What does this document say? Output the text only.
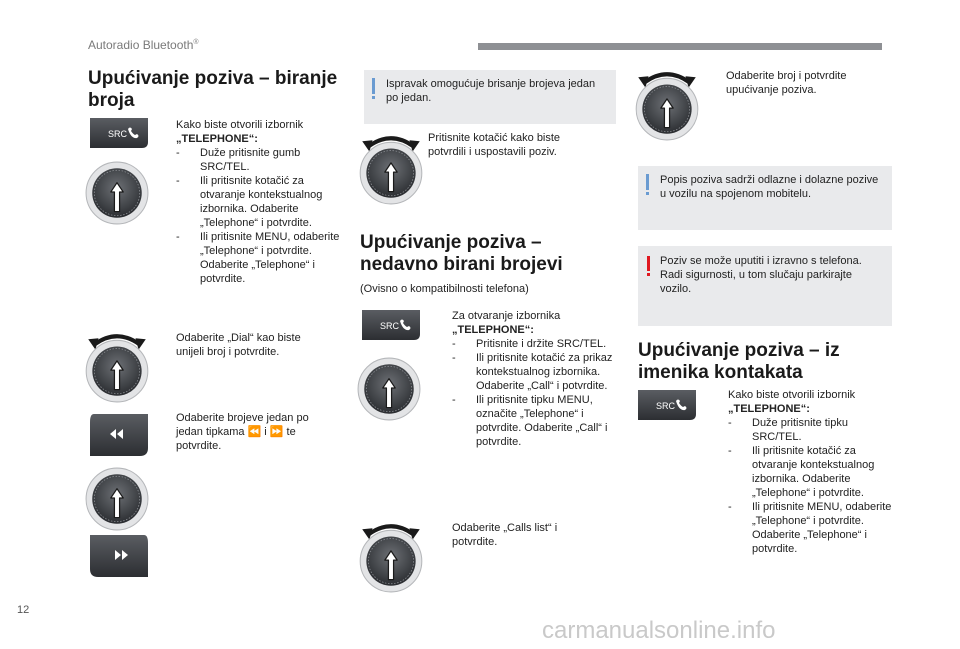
Autoradio Bluetooth®
Upućivanje poziva – biranje
broja
SRC
Kako biste otvorili izbornik
„TELEPHONE“:
- Duže pritisnite gumb SRC/TEL.
- Ili pritisnite kotačić za otvaranje kontekstualnog izbornika. Odaberite „Telephone“ i potvrdite.
- Ili pritisnite MENU, odaberite „Telephone“ i potvrdite. Odaberite „Telephone“ i potvrdite.
Odaberite „Dial“ kao biste unijeli broj i potvrdite.
Odaberite brojeve jedan po jedan tipkama ⏪ i ⏩ te potvrdite.
Ispravak omogućuje brisanje brojeva jedan po jedan.
Pritisnite kotačić kako biste potvrdili i uspostavili poziv.
Upućivanje poziva –
nedavno birani brojevi
(Ovisno o kompatibilnosti telefona)
SRC
Za otvaranje izbornika
„TELEPHONE“:
- Pritisnite i držite SRC/TEL.
- Ili pritisnite kotačić za prikaz kontekstualnog izbornika. Odaberite „Call“ i potvrdite.
- Ili pritisnite tipku MENU, označite „Telephone“ i potvrdite. Odaberite „Call“ i potvrdite.
Odaberite „Calls list“ i potvrdite.
Odaberite broj i potvrdite upućivanje poziva.
Popis poziva sadrži odlazne i dolazne pozive u vozilu na spojenom mobitelu.
Poziv se može uputiti i izravno s telefona. Radi sigurnosti, u tom slučaju parkirajte vozilo.
Upućivanje poziva – iz
imenika kontakata
SRC
Kako biste otvorili izbornik
„TELEPHONE“:
- Duže pritisnite tipku SRC/TEL.
- Ili pritisnite kotačić za otvaranje kontekstualnog izbornika. Odaberite „Telephone“ i potvrdite.
- Ili pritisnite MENU, odaberite „Telephone“ i potvrdite. Odaberite „Telephone“ i potvrdite.
12
carmanualsonline.info
